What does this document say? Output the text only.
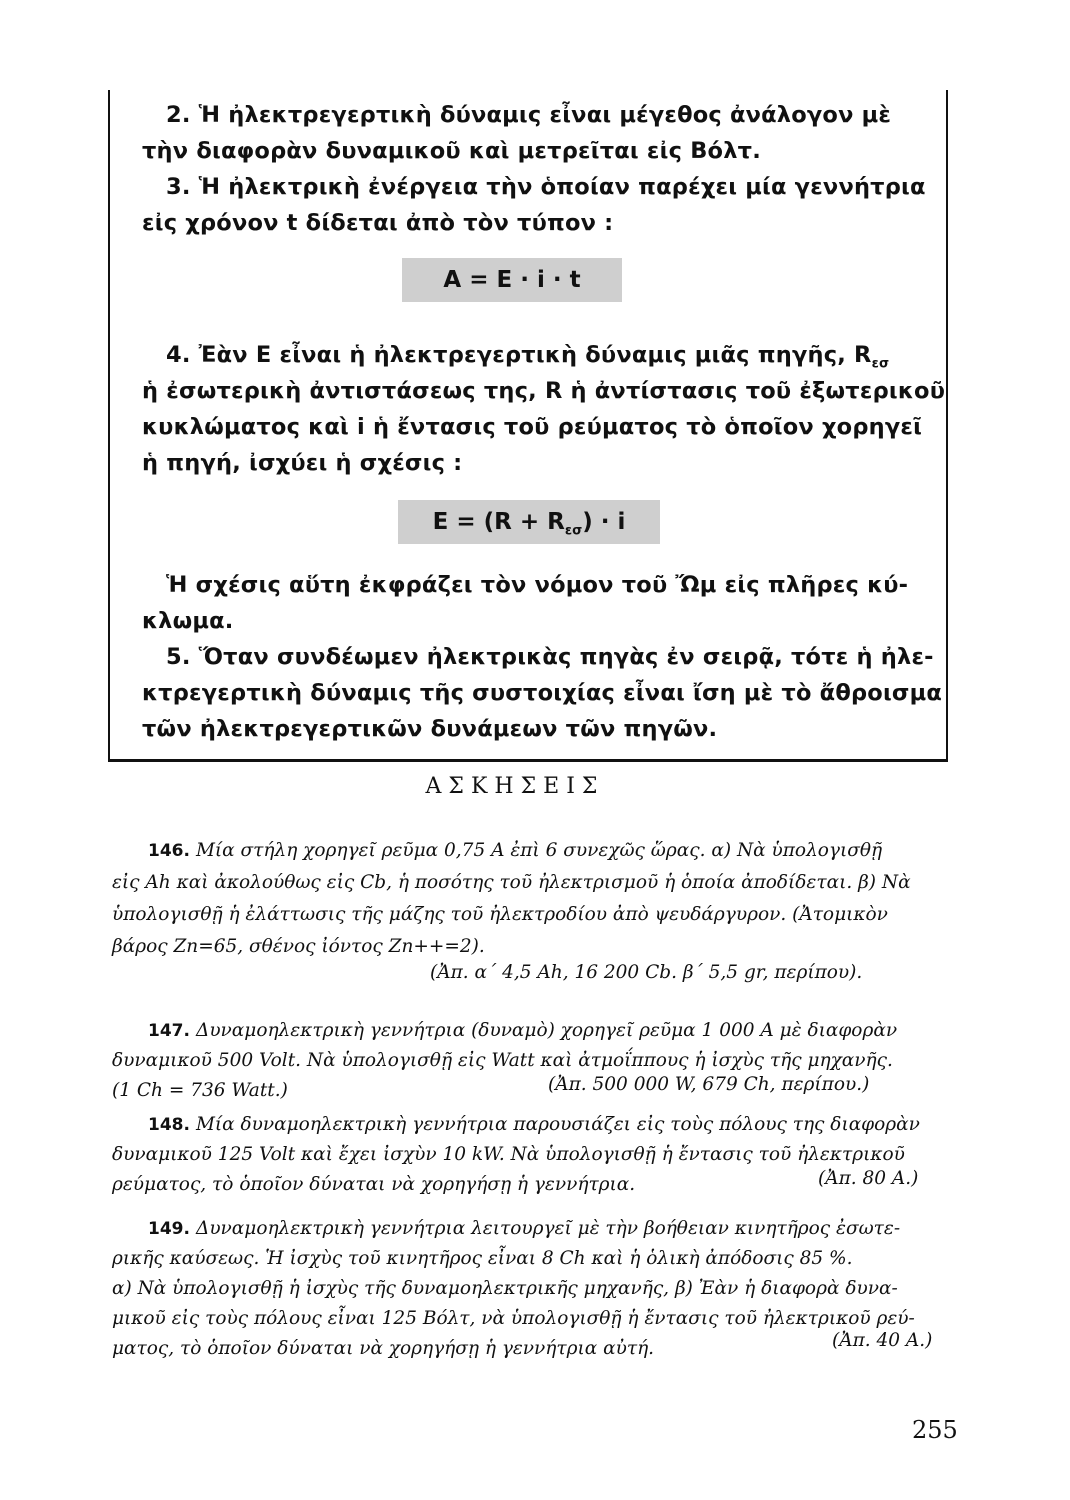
2. Ἡ ἠλεκτρεγερτικὴ δύναμις εἶναι μέγεθος ἀνάλογον μὲ
τὴν διαφορὰν δυναμικοῦ καὶ μετρεῖται εἰς Βόλτ.
3. Ἡ ἠλεκτρικὴ ἐνέργεια τὴν ὁποίαν παρέχει μία γεννήτρια
εἰς χρόνον t δίδεται ἀπὸ τὸν τύπον :
A = E · i · t
4. Ἐὰν E εἶναι ἡ ἠλεκτρεγερτικὴ δύναμις μιᾶς πηγῆς, $R_{\varepsilon\sigma}$
ἡ ἐσωτερικὴ ἀντιστάσεως της, R ἡ ἀντίστασις τοῦ ἐξωτερικοῦ
κυκλώματος καὶ i ἡ ἔντασις τοῦ ρεύματος τὸ ὁποῖον χορηγεῖ
ἡ πηγή, ἰσχύει ἡ σχέσις :
$E = (R + R_{\varepsilon\sigma}) \cdot i$
Ἡ σχέσις αὕτη ἐκφράζει τὸν νόμον τοῦ Ὤμ εἰς πλῆρες κύ-
κλωμα.
5. Ὅταν συνδέωμεν ἠλεκτρικὰς πηγὰς ἐν σειρᾷ, τότε ἡ ἠλε-
κτρεγερτικὴ δύναμις τῆς συστοιχίας εἶναι ἴση μὲ τὸ ἄθροισμα
τῶν ἠλεκτρεγερτικῶν δυνάμεων τῶν πηγῶν.
ΑΣΚΗΣΕΙΣ
146. Μία στήλη χορηγεῖ ρεῦμα 0,75 A ἐπὶ 6 συνεχῶς ὥρας. α) Νὰ ὑπολογισθῇ
εἰς Ah καὶ ἀκολούθως εἰς Cb, ἡ ποσότης τοῦ ἠλεκτρισμοῦ ἡ ὁποία ἀποδίδεται. β) Νὰ
ὑπολογισθῇ ἡ ἐλάττωσις τῆς μάζης τοῦ ἠλεκτροδίου ἀπὸ ψευδάργυρον. (Ἀτομικὸν
βάρος Zn=65, σθένος ἰόντος Zn++=2).
(Ἀπ. α΄ 4,5 Ah, 16 200 Cb. β΄ 5,5 gr, περίπου).
147. Δυναμοηλεκτρικὴ γεννήτρια (δυναμὸ) χορηγεῖ ρεῦμα 1 000 A μὲ διαφορὰν
δυναμικοῦ 500 Volt. Νὰ ὑπολογισθῇ εἰς Watt καὶ ἀτμοΐππους ἡ ἰσχὺς τῆς μηχανῆς.
(1 Ch = 736 Watt.)	(Ἀπ. 500 000 W, 679 Ch, περίπου.)
148. Μία δυναμοηλεκτρικὴ γεννήτρια παρουσιάζει εἰς τοὺς πόλους της διαφορὰν
δυναμικοῦ 125 Volt καὶ ἔχει ἰσχὺν 10 kW. Νὰ ὑπολογισθῇ ἡ ἔντασις τοῦ ἠλεκτρικοῦ
ρεύματος, τὸ ὁποῖον δύναται νὰ χορηγήσῃ ἡ γεννήτρια.	(Ἀπ. 80 A.)
149. Δυναμοηλεκτρικὴ γεννήτρια λειτουργεῖ μὲ τὴν βοήθειαν κινητῆρος ἐσωτε-
ρικῆς καύσεως. Ἡ ἰσχὺς τοῦ κινητῆρος εἶναι 8 Ch καὶ ἡ ὁλικὴ ἀπόδοσις 85 %.
α) Νὰ ὑπολογισθῇ ἡ ἰσχὺς τῆς δυναμοηλεκτρικῆς μηχανῆς, β) Ἐὰν ἡ διαφορὰ δυνα-
μικοῦ εἰς τοὺς πόλους εἶναι 125 Βόλτ, νὰ ὑπολογισθῇ ἡ ἔντασις τοῦ ἠλεκτρικοῦ ρεύ-
ματος, τὸ ὁποῖον δύναται νὰ χορηγήσῃ ἡ γεννήτρια αὐτή.	(Ἀπ. 40 A.)
255
